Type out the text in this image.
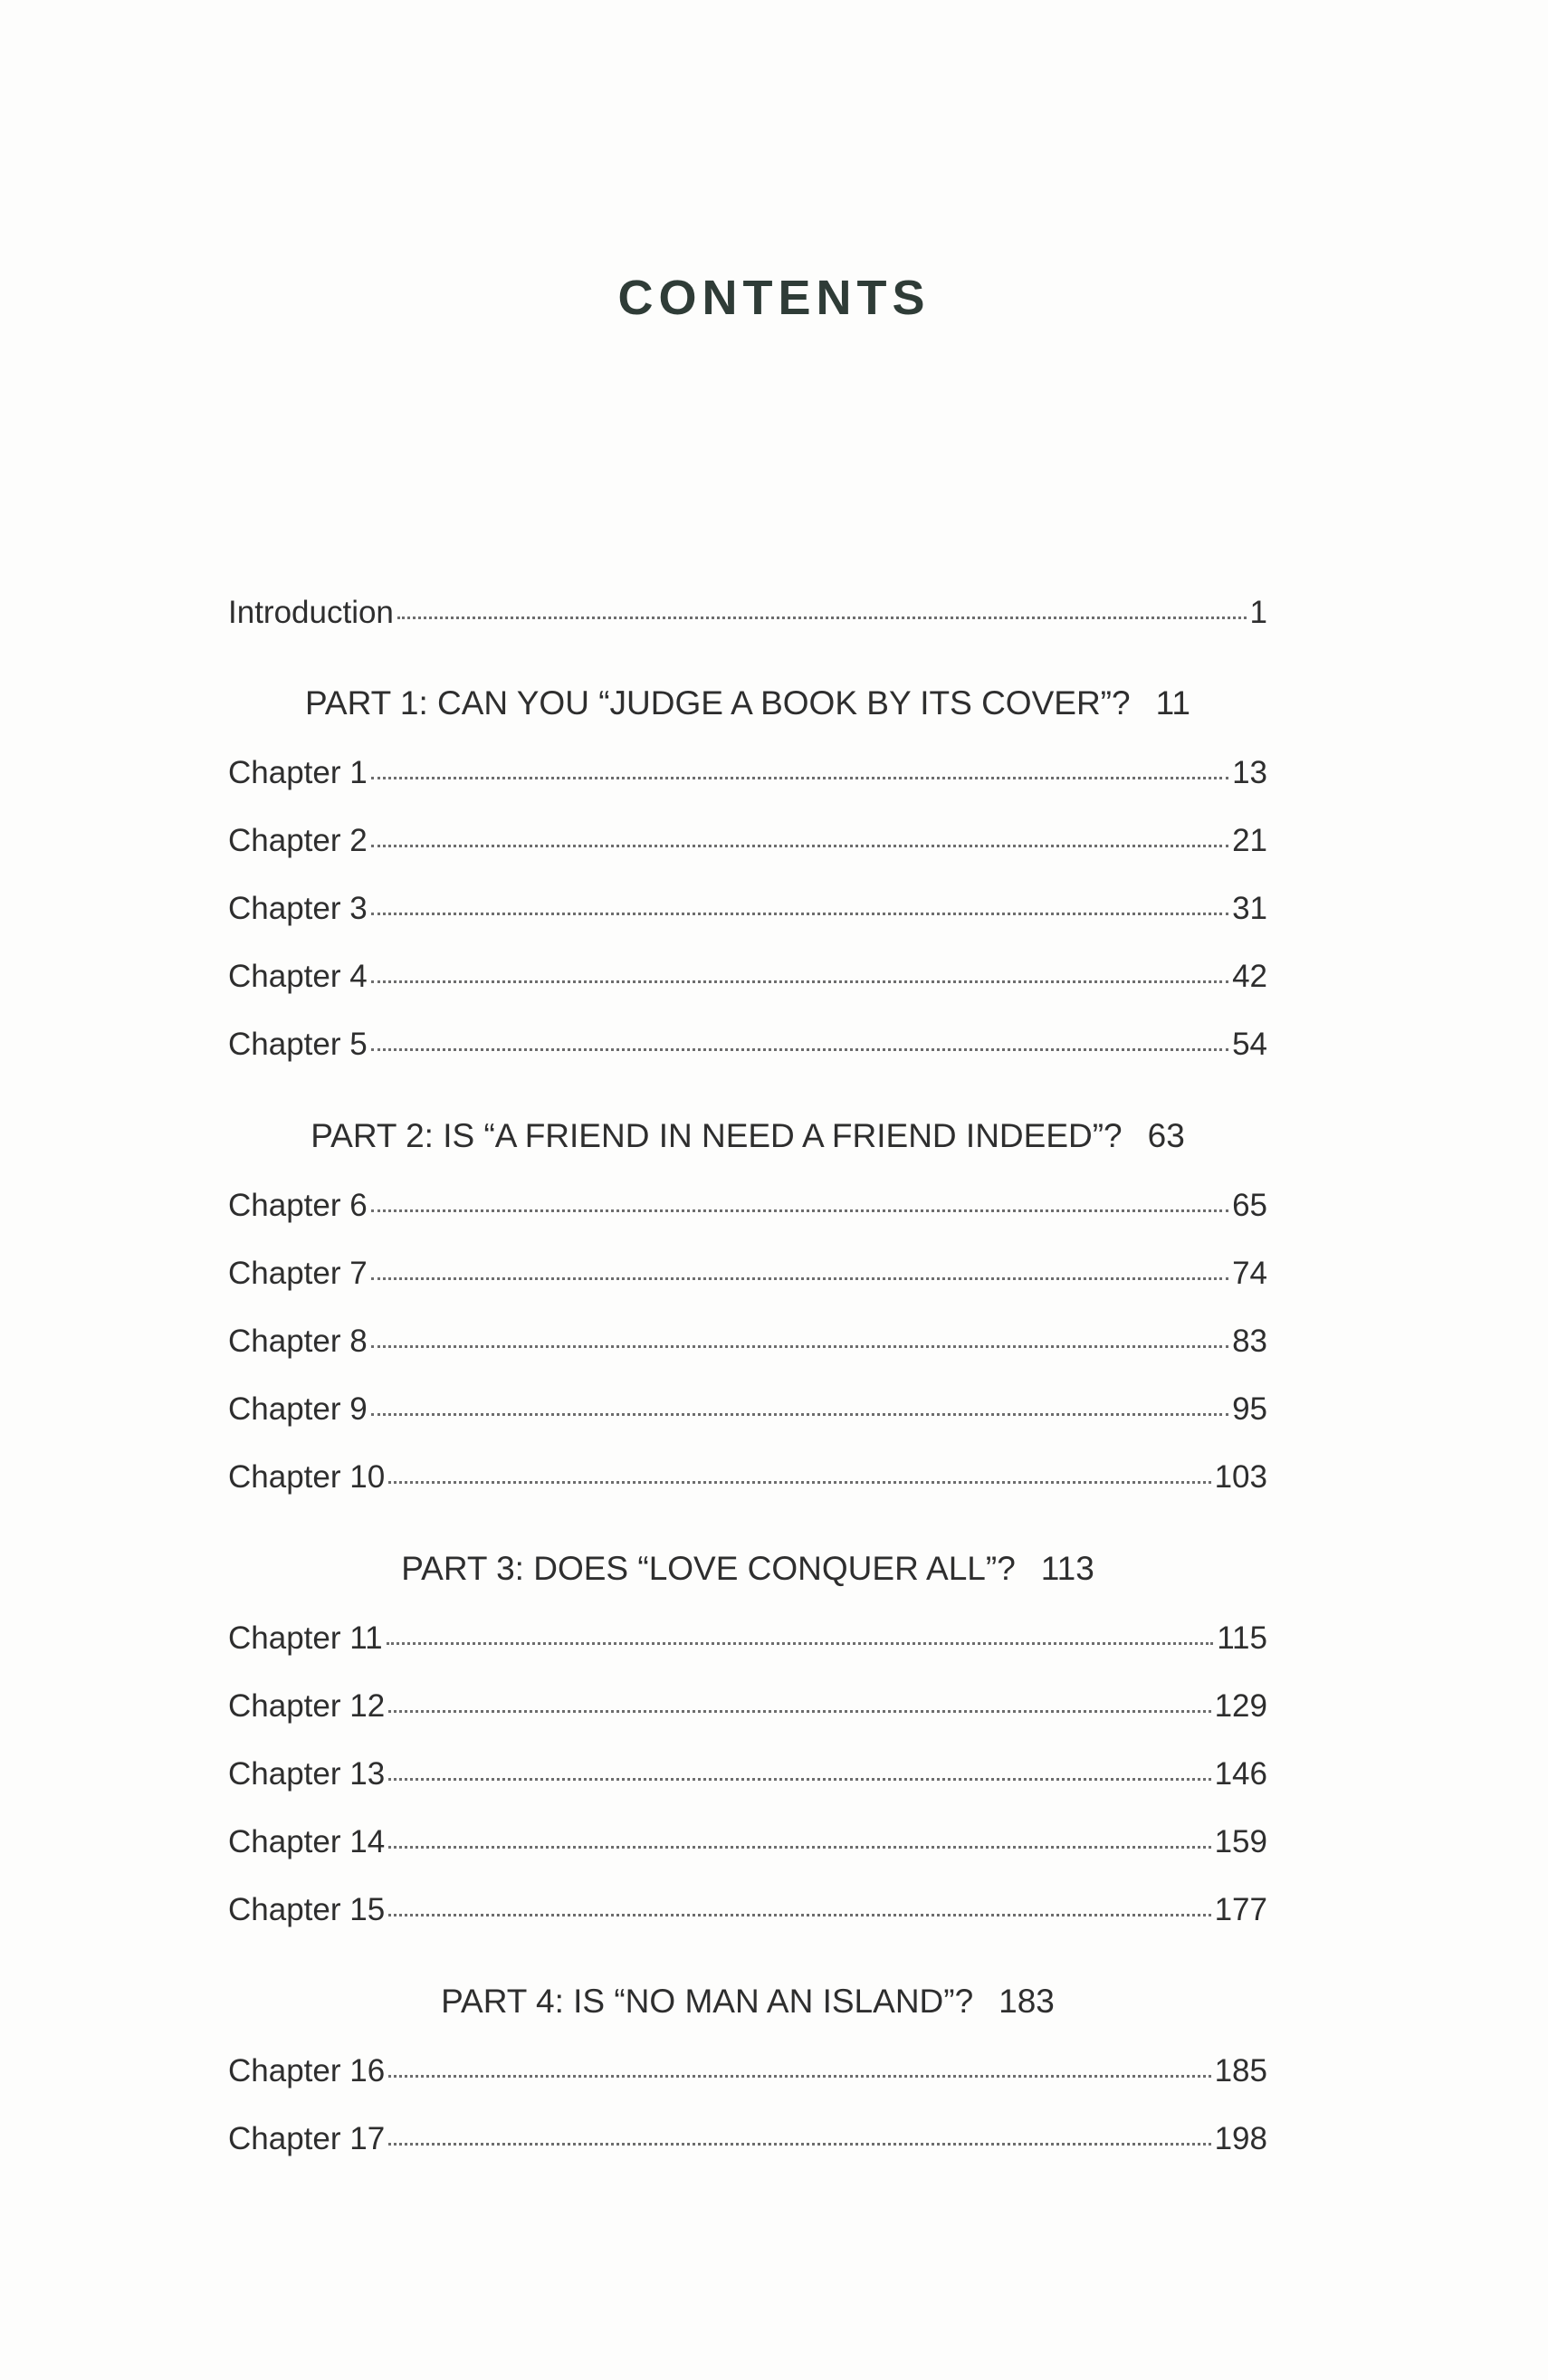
CONTENTS
Introduction	1
PART 1: CAN YOU “JUDGE A BOOK BY ITS COVER”? 11
Chapter 1	13
Chapter 2	21
Chapter 3	31
Chapter 4	42
Chapter 5	54
PART 2: IS “A FRIEND IN NEED A FRIEND INDEED”? 63
Chapter 6	65
Chapter 7	74
Chapter 8	83
Chapter 9	95
Chapter 10	103
PART 3: DOES “LOVE CONQUER ALL”? 113
Chapter 11	115
Chapter 12	129
Chapter 13	146
Chapter 14	159
Chapter 15	177
PART 4: IS “NO MAN AN ISLAND”? 183
Chapter 16	185
Chapter 17	198
